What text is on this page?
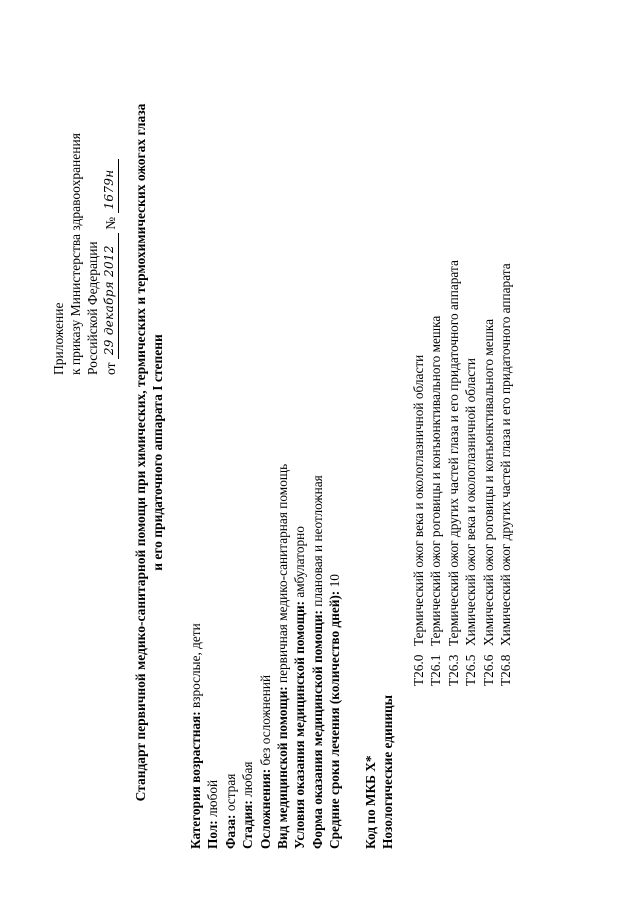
Приложение к приказу Министерства здравоохранения Российской Федерации от

29 декабря 2012

№

1679н Стандарт первичной медико-санитарной помощи при химических, термических и термохимических ожогах глаза и его придаточного аппарата I степени
Категория возрастная: взрослые, дети
Пол: любой
Фаза: острая
Стадия: любая Осложнения: без осложнений Вид медицинской помощи: первичная медико-санитарная помощь
Условия оказания медицинской помощи: амбулаторно
Форма оказания медицинской помощи: плановая и неотложная
Средние сроки лечения (количество дней): 10
Код по МКБ X* Нозологические единицы
T26.0
Термический ожог века и окологлазничной области
T26.1
Термический ожог роговицы и конъюнктивального мешка
T26.3
Термический ожог других частей глаза и его придаточного аппарата
T26.5
Химический ожог века и окологлазничной области
T26.6
Химический ожог роговицы и конъюнктивального мешка
T26.8
Химический ожог других частей глаза и его придаточного аппарата
